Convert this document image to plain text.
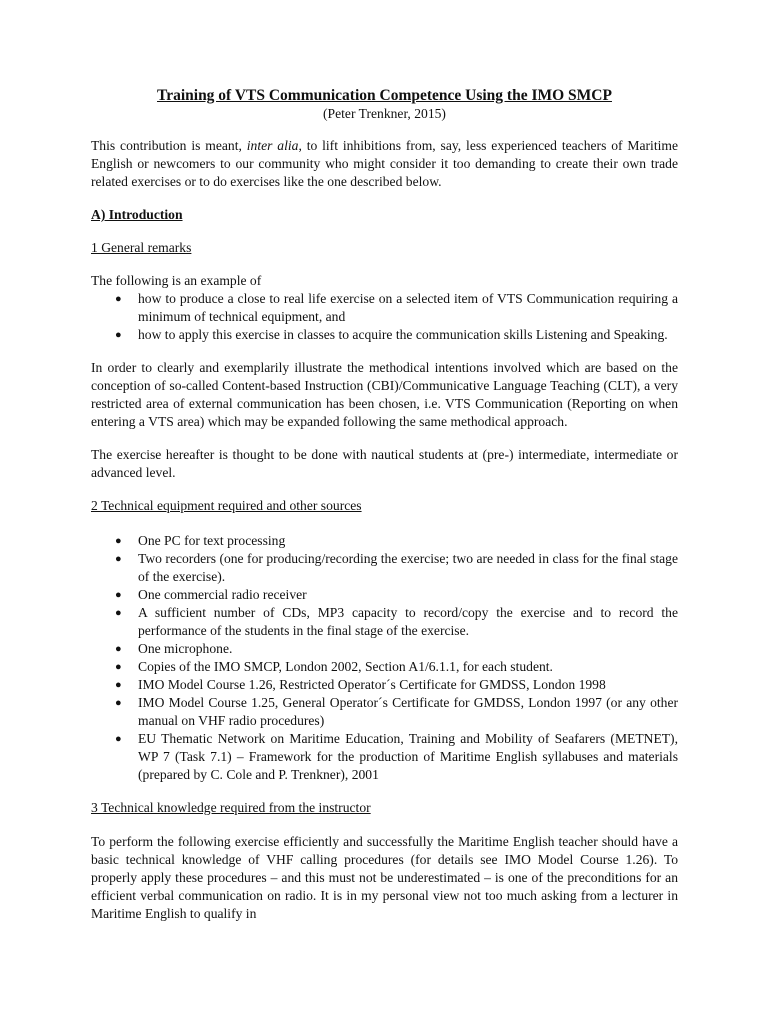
Training of VTS Communication Competence Using the IMO SMCP

(Peter Trenkner, 2015)

This contribution is meant, inter alia, to lift inhibitions from, say, less experienced teachers of Maritime English or newcomers to our community who might consider it too demanding to create their own trade related exercises or to do exercises like the one described below.

A) Introduction

1 General remarks

The following is an example of

● how to produce a close to real life exercise on a selected item of VTS Communication requiring a minimum of technical equipment, and
● how to apply this exercise in classes to acquire the communication skills Listening and Speaking.

In order to clearly and exemplarily illustrate the methodical intentions involved which are based on the conception of so-called Content-based Instruction (CBI)/Communicative Language Teaching (CLT), a very restricted area of external communication has been chosen, i.e. VTS Communication (Reporting on when entering a VTS area) which may be expanded following the same methodical approach.

The exercise hereafter is thought to be done with nautical students at (pre-) intermediate, intermediate or advanced level.

2 Technical equipment required and other sources

● One PC for text processing
● Two recorders (one for producing/recording the exercise; two are needed in class for the final stage of the exercise).
● One commercial radio receiver
● A sufficient number of CDs, MP3 capacity to record/copy the exercise and to record the performance of the students in the final stage of the exercise.
● One microphone.
● Copies of the IMO SMCP, London 2002, Section A1/6.1.1, for each student.
● IMO Model Course 1.26, Restricted Operator´s Certificate for GMDSS, London 1998
● IMO Model Course 1.25, General Operator´s Certificate for GMDSS, London 1997 (or any other manual on VHF radio procedures)
● EU Thematic Network on Maritime Education, Training and Mobility of Seafarers (METNET), WP 7 (Task 7.1) – Framework for the production of Maritime English syllabuses and materials (prepared by C. Cole and P. Trenkner), 2001

3 Technical knowledge required from the instructor

To perform the following exercise efficiently and successfully the Maritime English teacher should have a basic technical knowledge of VHF calling procedures (for details see IMO Model Course 1.26). To properly apply these procedures – and this must not be underestimated – is one of the preconditions for an efficient verbal communication on radio. It is in my personal view not too much asking from a lecturer in Maritime English to qualify in
